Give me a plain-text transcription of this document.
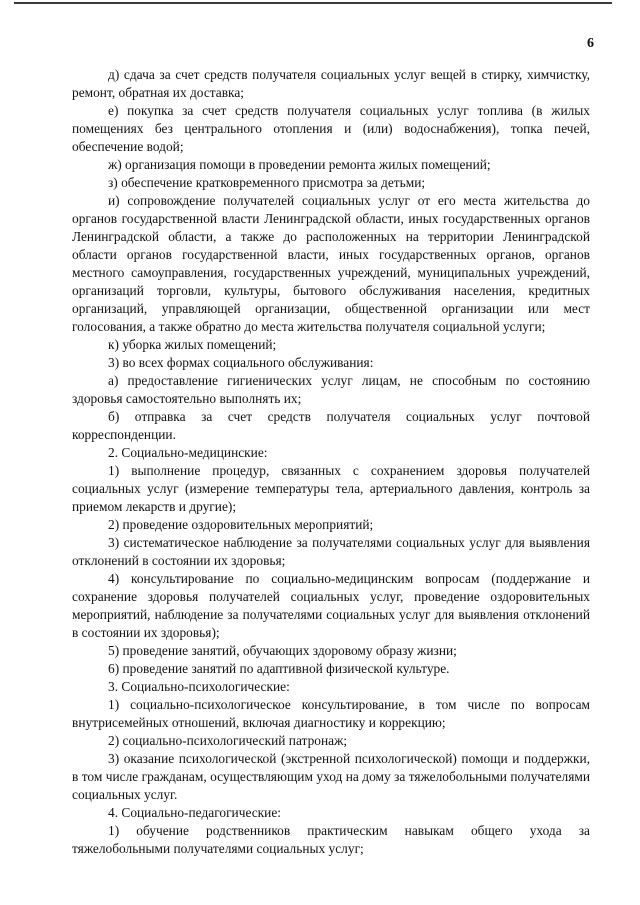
6

д) сдача за счет средств получателя социальных услуг вещей в стирку, химчистку, ремонт, обратная их доставка;

е) покупка за счет средств получателя социальных услуг топлива (в жилых помещениях без центрального отопления и (или) водоснабжения), топка печей, обеспечение водой;

ж) организация помощи в проведении ремонта жилых помещений;

з) обеспечение кратковременного присмотра за детьми;

и) сопровождение получателей социальных услуг от его места жительства до органов государственной власти Ленинградской области, иных государственных органов Ленинградской области, а также до расположенных на территории Ленинградской области органов государственной власти, иных государственных органов, органов местного самоуправления, государственных учреждений, муниципальных учреждений, организаций торговли, культуры, бытового обслуживания населения, кредитных организаций, управляющей организации, общественной организации или мест голосования, а также обратно до места жительства получателя социальной услуги;

к) уборка жилых помещений;

3) во всех формах социального обслуживания:

а) предоставление гигиенических услуг лицам, не способным по состоянию здоровья самостоятельно выполнять их;

б) отправка за счет средств получателя социальных услуг почтовой корреспонденции.

2. Социально-медицинские:

1) выполнение процедур, связанных с сохранением здоровья получателей социальных услуг (измерение температуры тела, артериального давления, контроль за приемом лекарств и другие);

2) проведение оздоровительных мероприятий;

3) систематическое наблюдение за получателями социальных услуг для выявления отклонений в состоянии их здоровья;

4) консультирование по социально-медицинским вопросам (поддержание и сохранение здоровья получателей социальных услуг, проведение оздоровительных мероприятий, наблюдение за получателями социальных услуг для выявления отклонений в состоянии их здоровья);

5) проведение занятий, обучающих здоровому образу жизни;

6) проведение занятий по адаптивной физической культуре.

3. Социально-психологические:

1) социально-психологическое консультирование, в том числе по вопросам внутрисемейных отношений, включая диагностику и коррекцию;

2) социально-психологический патронаж;

3) оказание психологической (экстренной психологической) помощи и поддержки, в том числе гражданам, осуществляющим уход на дому за тяжелобольными получателями социальных услуг.

4. Социально-педагогические:

1) обучение родственников практическим навыкам общего ухода за тяжелобольными получателями социальных услуг;
